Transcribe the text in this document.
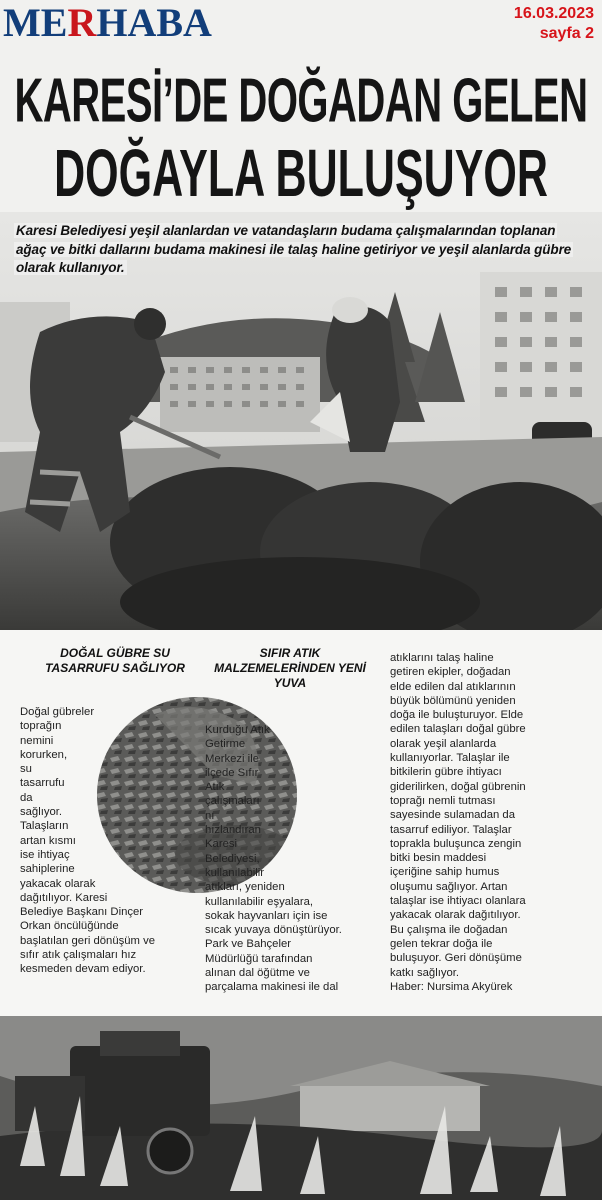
MERHABA	16.03.2023
sayfa 2
KARESİ’DE DOĞADAN GELEN
DOĞAYLA BULUŞUYOR
Karesi Belediyesi yeşil alanlardan ve vatandaşların budama çalışmalarından toplanan ağaç ve bitki dallarını budama makinesi ile talaş haline getiriyor ve yeşil alanlarda gübre olarak kullanıyor.
DOĞAL GÜBRE SU TASARRUFU SAĞLIYOR
SIFIR ATIK MALZEMELERİNDEN YENİ YUVA
Doğal gübreler
toprağın
nemini
korurken,
su
tasarrufu
da
sağlıyor.
Talaşların
artan kısmı
ise ihtiyaç
sahiplerine
yakacak olarak
dağıtılıyor. Karesi
Belediye Başkanı Dinçer
Orkan öncülüğünde
başlatılan geri dönüşüm ve
sıfır atık çalışmaları hız
kesmeden devam ediyor.
Kurduğu Atık
Getirme
Merkezi ile
ilçede Sıfır
Atık
çalışmaları
nı
hızlandıran
Karesi
Belediyesi,
kullanılabilir
atıkları, yeniden
kullanılabilir eşyalara,
sokak hayvanları için ise
sıcak yuvaya dönüştürüyor.
Park ve Bahçeler
Müdürlüğü tarafından
alınan dal öğütme ve
parçalama makinesi ile dal
atıklarını talaş haline
getiren ekipler, doğadan
elde edilen dal atıklarının
büyük bölümünü yeniden
doğa ile buluşturuyor. Elde
edilen talaşları doğal gübre
olarak yeşil alanlarda
kullanıyorlar. Talaşlar ile
bitkilerin gübre ihtiyacı
giderilirken, doğal gübrenin
toprağı nemli tutması
sayesinde sulamadan da
tasarruf ediliyor. Talaşlar
toprakla buluşunca zengin
bitki besin maddesi
içeriğine sahip humus
oluşumu sağlıyor. Artan
talaşlar ise ihtiyacı olanlara
yakacak olarak dağıtılıyor.
Bu çalışma ile doğadan
gelen tekrar doğa ile
buluşuyor. Geri dönüşüme
katkı sağlıyor.
Haber: Nursima Akyürek
